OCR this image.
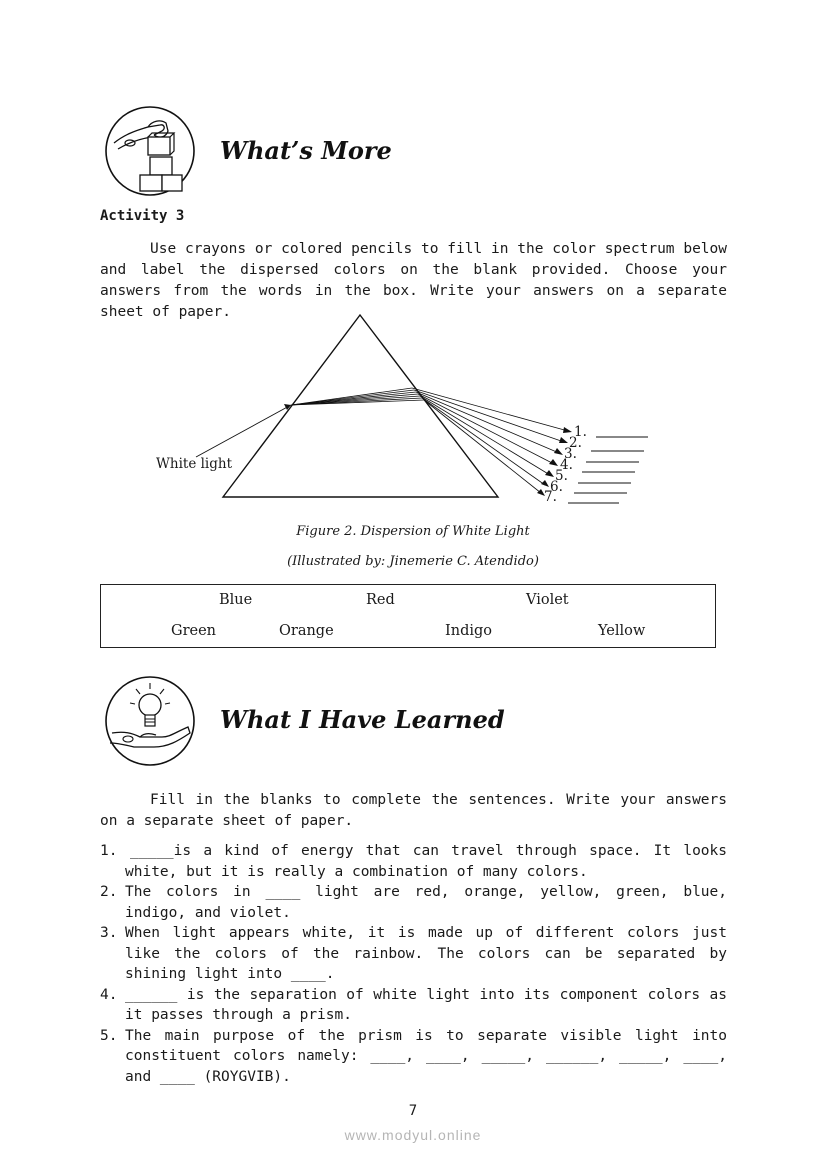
What’s More
Activity 3
Use crayons or colored pencils to fill in the color spectrum below and label the dispersed colors on the blank provided. Choose your answers from the words in the box. Write your answers on a separate sheet of paper.
White light
1.
2.
3.
4.
5.
6.
7.
Figure 2. Dispersion of White Light
(Illustrated by: Jinemerie C. Atendido)
Blue	Red	Violet
Green	Orange	Indigo	Yellow
What I Have Learned
Fill in the blanks to complete the sentences. Write your answers on a separate sheet of paper.
1. _____is a kind of energy that can travel through space. It looks white, but it is really a combination of many colors.
2. The colors in ____ light are red, orange, yellow, green, blue, indigo, and violet.
3. When light appears white, it is made up of different colors just like the colors of the rainbow. The colors can be separated by shining light into ____.
4. ______ is the separation of white light into its component colors as it passes through a prism.
5. The main purpose of the prism is to separate visible light into constituent colors namely: ____, ____, _____, ______, _____, ____, and ____ (ROYGVIB).
7
www.modyul.online
